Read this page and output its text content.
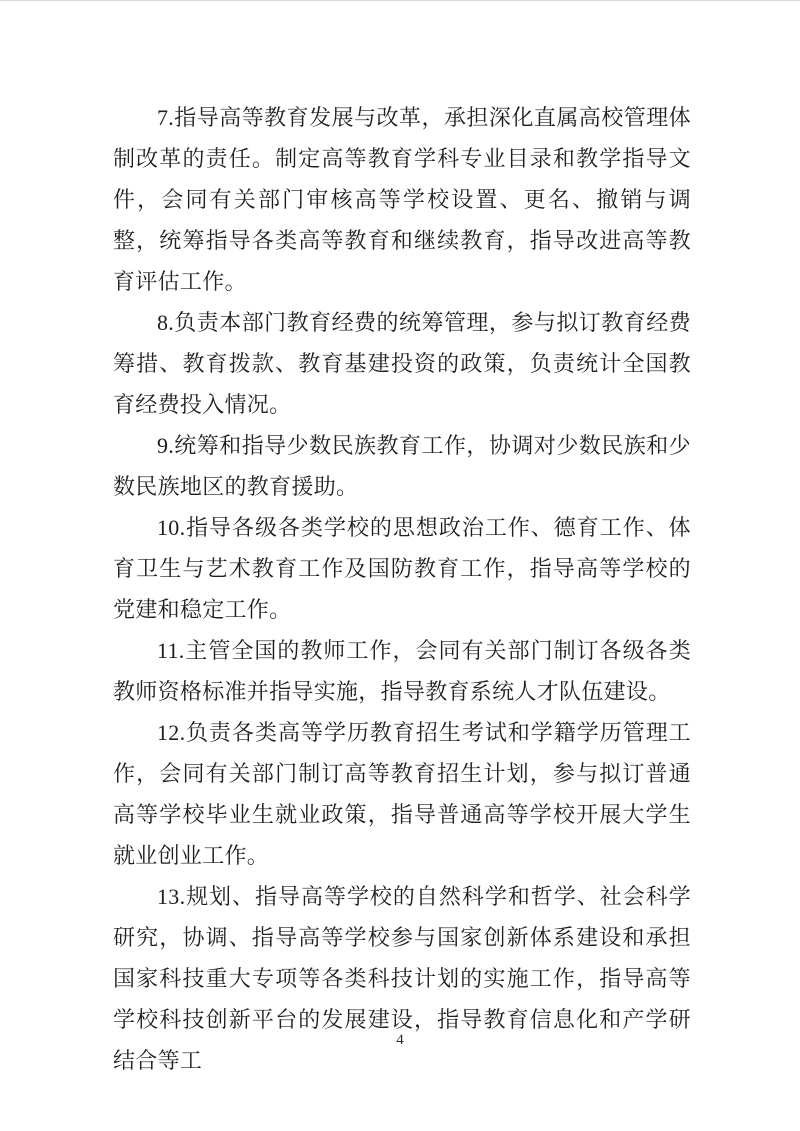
7.指导高等教育发展与改革，承担深化直属高校管理体制改革的责任。制定高等教育学科专业目录和教学指导文件，会同有关部门审核高等学校设置、更名、撤销与调整，统筹指导各类高等教育和继续教育，指导改进高等教育评估工作。

8.负责本部门教育经费的统筹管理，参与拟订教育经费筹措、教育拨款、教育基建投资的政策，负责统计全国教育经费投入情况。

9.统筹和指导少数民族教育工作，协调对少数民族和少数民族地区的教育援助。

10.指导各级各类学校的思想政治工作、德育工作、体育卫生与艺术教育工作及国防教育工作，指导高等学校的党建和稳定工作。

11.主管全国的教师工作，会同有关部门制订各级各类教师资格标准并指导实施，指导教育系统人才队伍建设。

12.负责各类高等学历教育招生考试和学籍学历管理工作，会同有关部门制订高等教育招生计划，参与拟订普通高等学校毕业生就业政策，指导普通高等学校开展大学生就业创业工作。

13.规划、指导高等学校的自然科学和哲学、社会科学研究，协调、指导高等学校参与国家创新体系建设和承担国家科技重大专项等各类科技计划的实施工作，指导高等学校科技创新平台的发展建设，指导教育信息化和产学研结合等工

4
